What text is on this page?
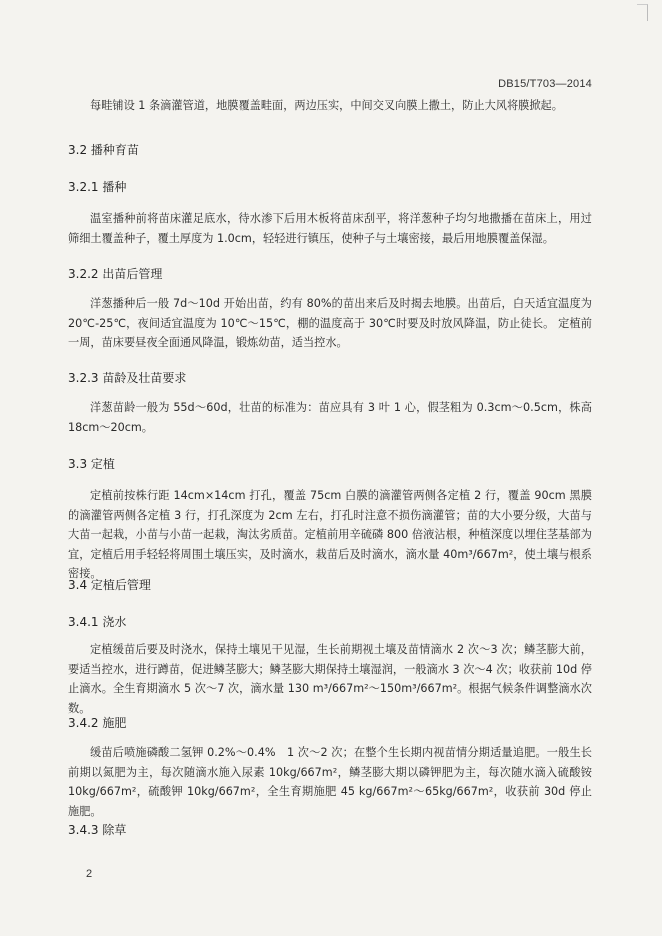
DB15/T703—2014
每畦铺设 1 条滴灌管道，地膜覆盖畦面，两边压实，中间交叉向膜上撒土，防止大风将膜掀起。
3.2 播种育苗
3.2.1 播种
温室播种前将苗床灌足底水，待水渗下后用木板将苗床刮平，将洋葱种子均匀地撒播在苗床上，用过筛细土覆盖种子，覆土厚度为 1.0cm，轻轻进行镇压，使种子与土壤密接，最后用地膜覆盖保湿。
3.2.2 出苗后管理
洋葱播种后一般 7d～10d 开始出苗，约有 80%的苗出来后及时揭去地膜。出苗后，白天适宜温度为 20℃-25℃，夜间适宜温度为 10℃～15℃，棚的温度高于 30℃时要及时放风降温，防止徒长。 定植前一周，苗床要昼夜全面通风降温，锻炼幼苗，适当控水。
3.2.3 苗龄及壮苗要求
洋葱苗龄一般为 55d～60d，壮苗的标准为：苗应具有 3 叶 1 心，假茎粗为 0.3cm～0.5cm，株高 18cm～20cm。
3.3 定植
定植前按株行距 14cm×14cm 打孔，覆盖 75cm 白膜的滴灌管两侧各定植 2 行，覆盖 90cm 黑膜的滴灌管两侧各定植 3 行，打孔深度为 2cm 左右，打孔时注意不损伤滴灌管；苗的大小要分级，大苗与大苗一起栽，小苗与小苗一起栽，淘汰劣质苗。定植前用辛硫磷 800 倍液沾根，种植深度以埋住茎基部为宜，定植后用手轻轻将周围土壤压实，及时滴水，栽苗后及时滴水，滴水量 40m³/667m²，使土壤与根系密接。
3.4 定植后管理
3.4.1 浇水
定植缓苗后要及时浇水，保持土壤见干见湿，生长前期视土壤及苗情滴水 2 次～3 次；鳞茎膨大前，要适当控水，进行蹲苗，促进鳞茎膨大；鳞茎膨大期保持土壤湿润，一般滴水 3 次～4 次；收获前 10d 停止滴水。全生育期滴水 5 次～7 次，滴水量 130 m³/667m²～150m³/667m²。根据气候条件调整滴水次数。
3.4.2 施肥
缓苗后喷施磷酸二氢钾 0.2%～0.4%　1 次～2 次；在整个生长期内视苗情分期适量追肥。一般生长前期以氮肥为主，每次随滴水施入尿素 10kg/667m²，鳞茎膨大期以磷钾肥为主，每次随水滴入硫酸铵 10kg/667m²，硫酸钾 10kg/667m²，全生育期施肥 45 kg/667m²～65kg/667m²，收获前 30d 停止施肥。
3.4.3 除草
2
